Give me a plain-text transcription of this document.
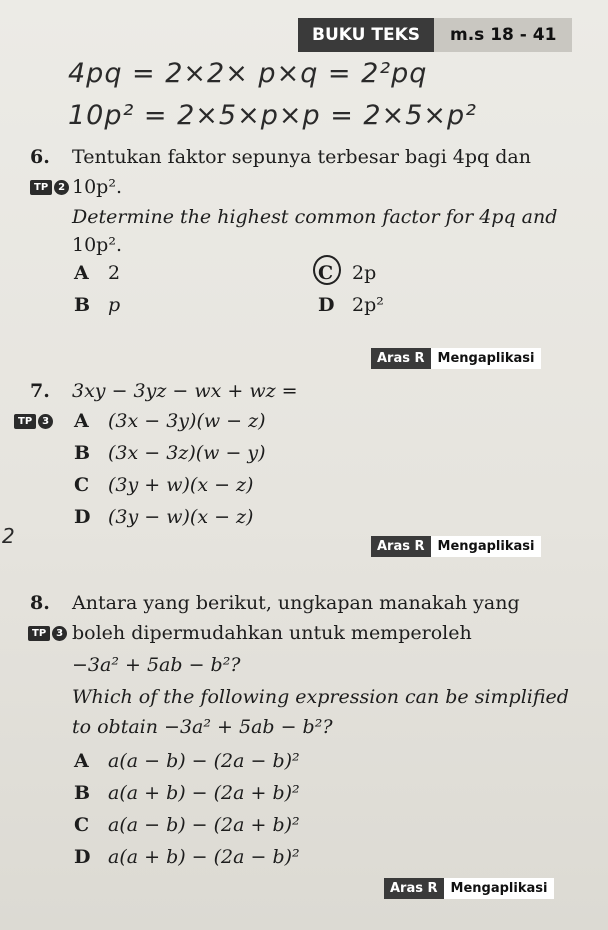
BUKU TEKS	m.s 18 - 41
4pq = 2×2× p×q = 2²pq
10p² = 2×5×p×p = 2×5×p²
6. Tentukan faktor sepunya terbesar bagi 4pq dan
TP	2 10p².
Determine the highest common factor for 4pq and
10p².
A 2
B p
C 2p
D 2p²
Aras R	Mengaplikasi
7. 3xy − 3yz − wx + wz =
TP	3 A (3x − 3y)(w − z)
B (3x − 3z)(w − y)
C (3y + w)(x − z)
D (3y − w)(x − z)
2	Aras R	Mengaplikasi
8. Antara yang berikut, ungkapan manakah yang
TP	3 boleh dipermudahkan untuk memperoleh
−3a² + 5ab − b²?
Which of the following expression can be simplified
to obtain −3a² + 5ab − b²?
A a(a − b) − (2a − b)²
B a(a + b) − (2a + b)²
C a(a − b) − (2a + b)²
D a(a + b) − (2a − b)²
Aras R	Mengaplikasi
